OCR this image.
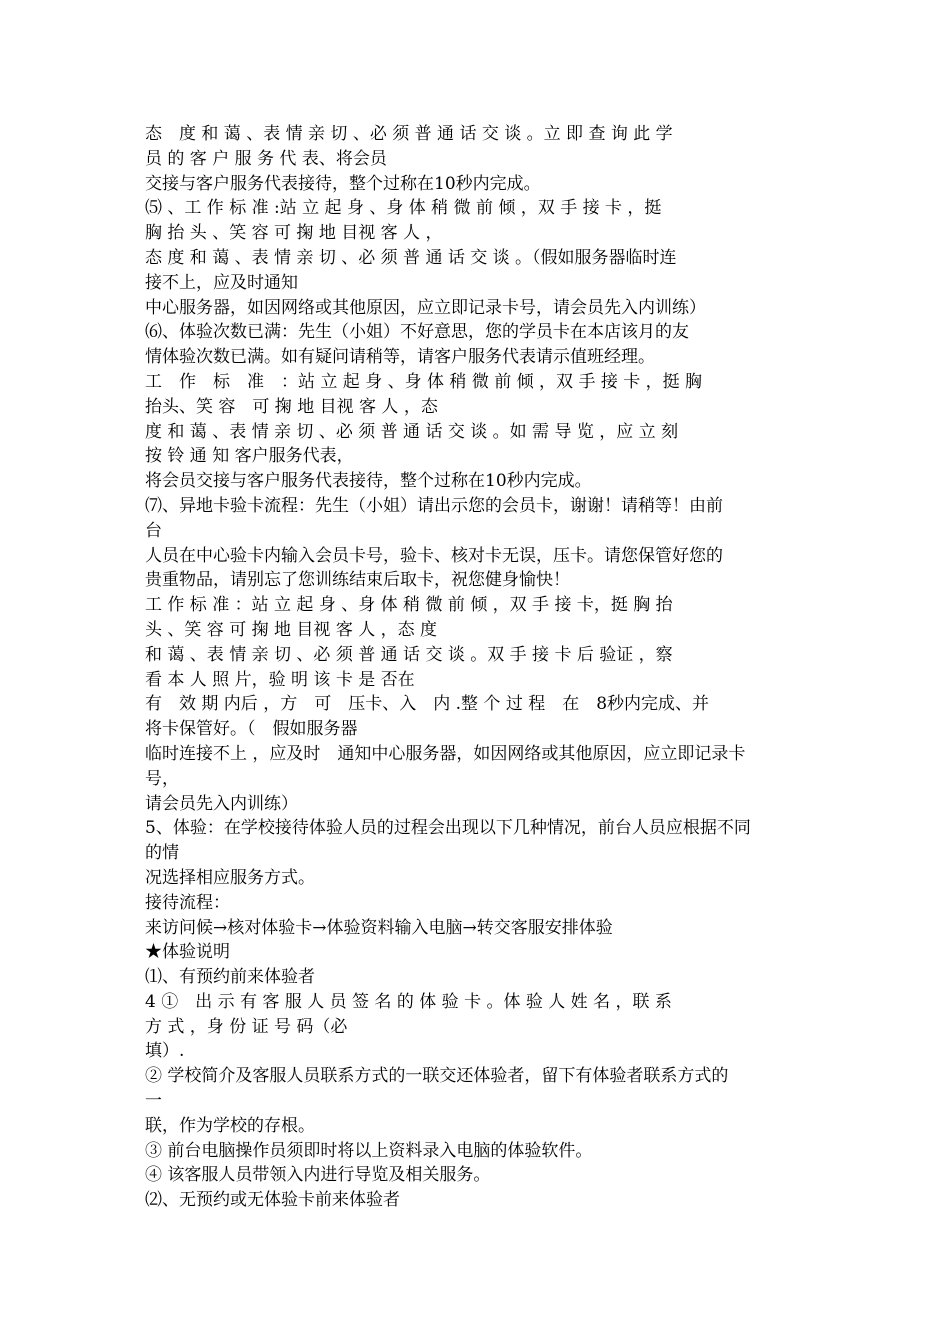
态　度 和 蔼 、表 情 亲 切 、必 须 普 通 话 交 谈 。立 即 查 询 此 学
员 的 客 户 服 务 代 表、将会员
交接与客户服务代表接待，整个过称在10秒内完成。
⑸ 、工 作 标 准 :站 立 起 身 、身 体 稍 微 前 倾 ，双 手 接 卡 ，挺
胸 抬 头 、笑 容 可 掬 地 目视 客 人 ，
态 度 和 蔼 、表 情 亲 切 、必 须 普 通 话 交 谈 。（假如服务器临时连
接不上，应及时通知
中心服务器，如因网络或其他原因，应立即记录卡号，请会员先入内训练）
⑹、体验次数已满：先生（小姐）不好意思，您的学员卡在本店该月的友
情体验次数已满。如有疑问请稍等，请客户服务代表请示值班经理。
工　作　标　准　：站 立 起 身 、身 体 稍 微 前 倾 ，双 手 接 卡 ，挺 胸
抬头、笑 容　可 掬 地 目视 客 人 ，态
度 和 蔼 、表 情 亲 切 、必 须 普 通 话 交 谈 。如 需 导 览 ，应 立 刻
按 铃 通 知 客户服务代表，
将会员交接与客户服务代表接待，整个过称在10秒内完成。
⑺、异地卡验卡流程：先生（小姐）请出示您的会员卡，谢谢！请稍等！由前
台
人员在中心验卡内输入会员卡号，验卡、核对卡无误，压卡。请您保管好您的
贵重物品，请别忘了您训练结束后取卡，祝您健身愉快！
工 作 标 准 ：站 立 起 身 、身 体 稍 微 前 倾 ，双 手 接 卡，挺 胸 抬
头 、笑 容 可 掬 地 目视 客 人 ，态 度
和 蔼 、表 情 亲 切 、必 须 普 通 话 交 谈 。双 手 接 卡 后 验证 ，察
看 本 人 照 片，验 明 该 卡 是 否在
有　效 期 内后 ，方　可　压卡、入　内 .整 个 过 程　在　8秒内完成、并
将卡保管好。（　假如服务器
临时连接不上 ，应及时　通知中心服务器，如因网络或其他原因，应立即记录卡
号，
请会员先入内训练）
5、体验：在学校接待体验人员的过程会出现以下几种情况，前台人员应根据不同
的情
况选择相应服务方式。
接待流程：
来访问候→核对体验卡→体验资料输入电脑→转交客服安排体验
★体验说明
⑴、有预约前来体验者
4 ①　出 示 有 客 服 人 员 签 名 的 体 验 卡 。体 验 人 姓 名 ，联 系
方 式 ，身 份 证 号 码（必
填）.
② 学校简介及客服人员联系方式的一联交还体验者，留下有体验者联系方式的
一
联，作为学校的存根。
③ 前台电脑操作员须即时将以上资料录入电脑的体验软件。
④ 该客服人员带领入内进行导览及相关服务。
⑵、无预约或无体验卡前来体验者
